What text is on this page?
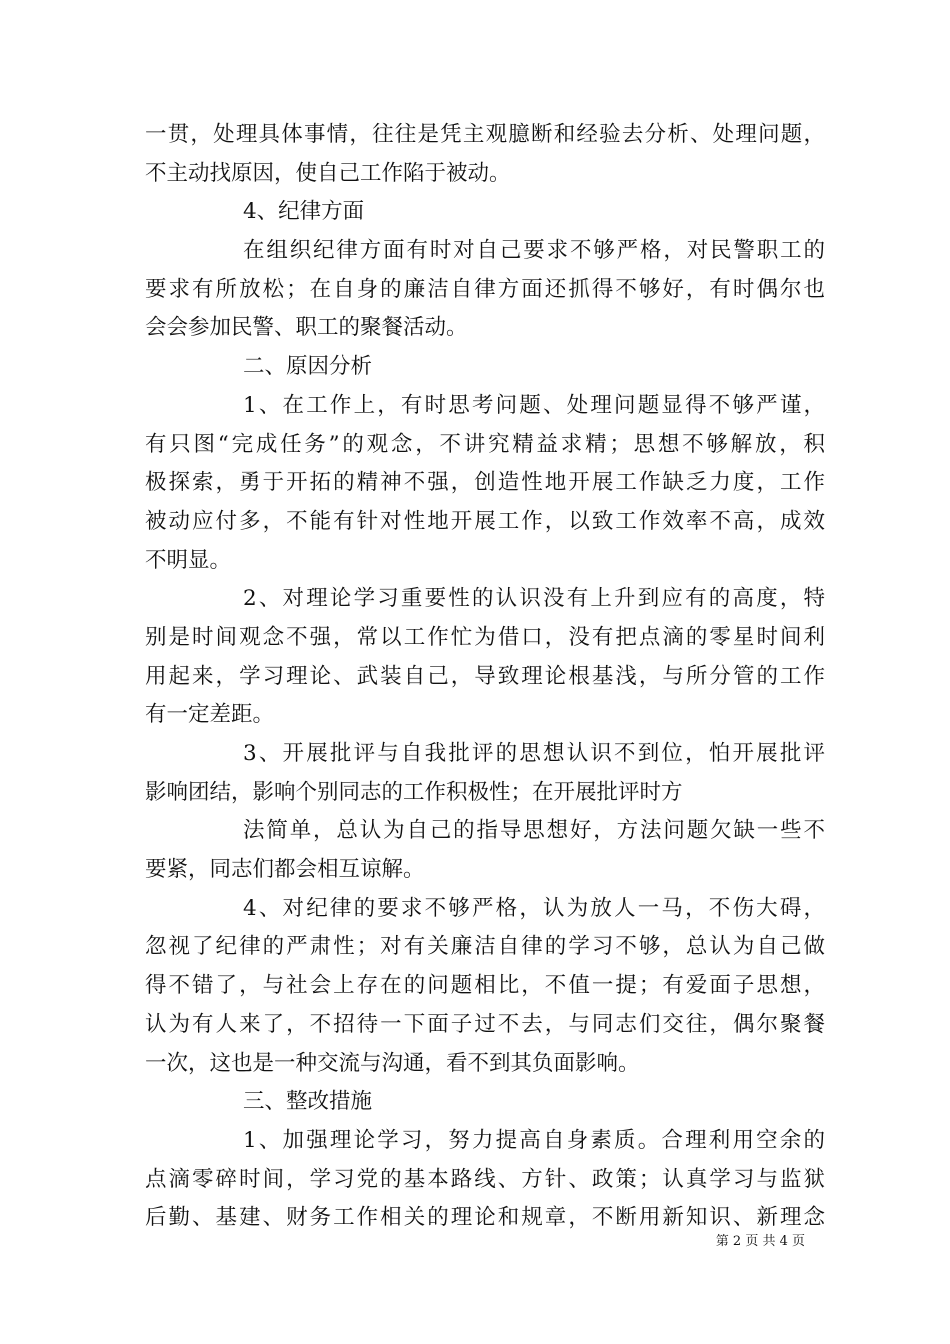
一贯，处理具体事情，往往是凭主观臆断和经验去分析、处理问题，
不主动找原因，使自己工作陷于被动。
4、纪律方面
在组织纪律方面有时对自己要求不够严格，对民警职工的
要求有所放松；在自身的廉洁自律方面还抓得不够好，有时偶尔也
会会参加民警、职工的聚餐活动。
二、原因分析
1、在工作上，有时思考问题、处理问题显得不够严谨，
有只图“完成任务”的观念，不讲究精益求精；思想不够解放，积
极探索，勇于开拓的精神不强，创造性地开展工作缺乏力度，工作
被动应付多，不能有针对性地开展工作，以致工作效率不高，成效
不明显。
2、对理论学习重要性的认识没有上升到应有的高度，特
别是时间观念不强，常以工作忙为借口，没有把点滴的零星时间利
用起来，学习理论、武装自己，导致理论根基浅，与所分管的工作
有一定差距。
3、开展批评与自我批评的思想认识不到位，怕开展批评
影响团结，影响个别同志的工作积极性；在开展批评时方
法简单，总认为自己的指导思想好，方法问题欠缺一些不
要紧，同志们都会相互谅解。
4、对纪律的要求不够严格，认为放人一马，不伤大碍，
忽视了纪律的严肃性；对有关廉洁自律的学习不够，总认为自己做
得不错了，与社会上存在的问题相比，不值一提；有爱面子思想，
认为有人来了，不招待一下面子过不去，与同志们交往，偶尔聚餐
一次，这也是一种交流与沟通，看不到其负面影响。
三、整改措施
1、加强理论学习，努力提高自身素质。合理利用空余的
点滴零碎时间，学习党的基本路线、方针、政策；认真学习与监狱
后勤、基建、财务工作相关的理论和规章，不断用新知识、新理念
第 2 页 共 4 页
